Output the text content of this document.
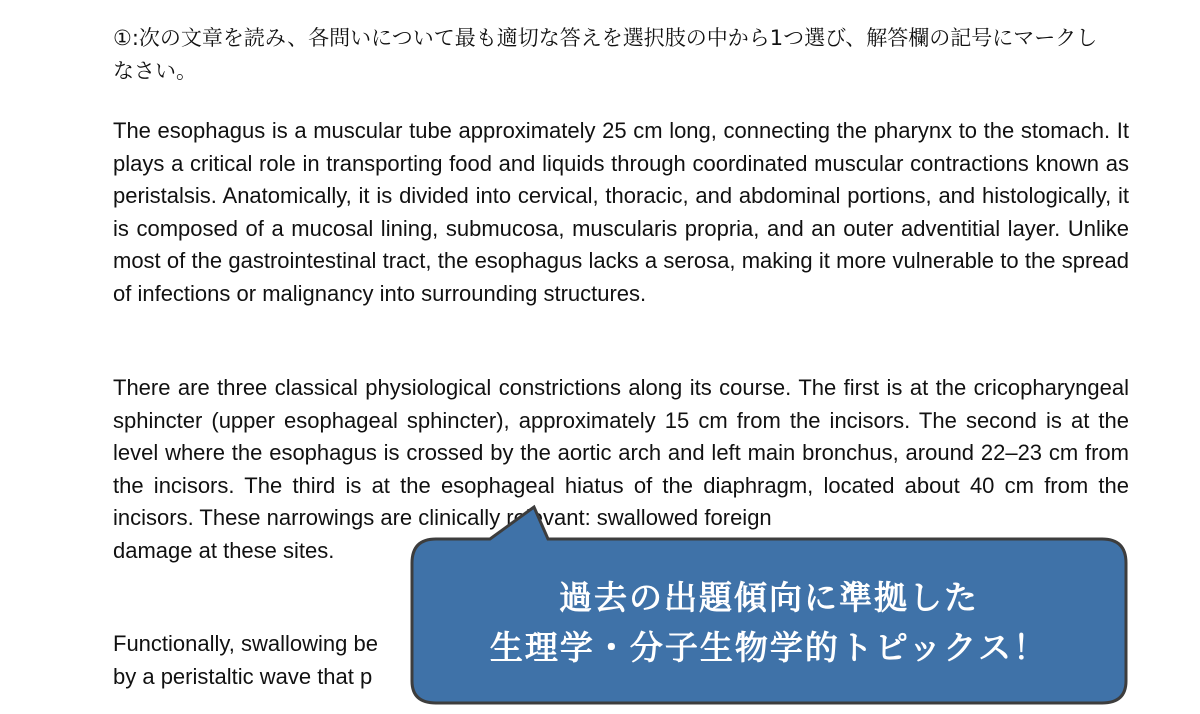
①:次の文章を読み、各問いについて最も適切な答えを選択肢の中から1つ選び、解答欄の記号にマークしなさい。

The esophagus is a muscular tube approximately 25 cm long, connecting the pharynx to the stomach. It plays a critical role in transporting food and liquids through coordinated muscular contractions known as peristalsis. Anatomically, it is divided into cervical, thoracic, and abdominal portions, and histologically, it is composed of a mucosal lining, submucosa, muscularis propria, and an outer adventitial layer. Unlike most of the gastrointestinal tract, the esophagus lacks a serosa, making it more vulnerable to the spread of infections or malignancy into surrounding structures.

There are three classical physiological constrictions along its course. The first is at the cricopharyngeal sphincter (upper esophageal sphincter), approximately 15 cm from the incisors. The second is at the level where the esophagus is crossed by the aortic arch and left main bronchus, around 22–23 cm from the incisors. The third is at the esophageal hiatus of the diaphragm, located about 40 cm from the incisors. These narrowings are clinically relevant: swallowed foreign
damage at these sites.

Functionally, swallowing be
by a peristaltic wave that p

過去の出題傾向に準拠した
生理学・分子生物学的トピックス！
